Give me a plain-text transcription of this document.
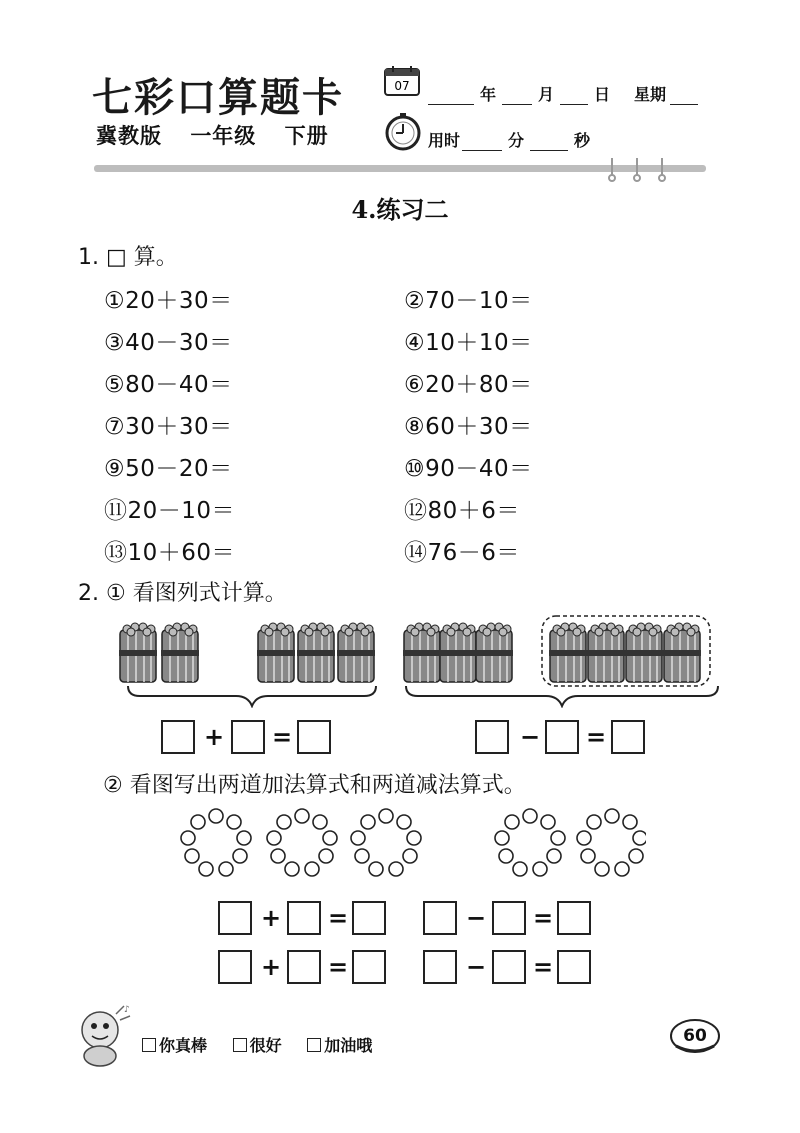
七彩口算题卡
冀教版 一年级 下册
07	年	月	日 星期
用时	分	秒
4.练习二
1. □ 算。
①20＋30＝	②70－10＝
③40－30＝	④10＋10＝
⑤80－40＝	⑥20＋80＝
⑦30＋30＝	⑧60＋30＝
⑨50－20＝	⑩90－40＝
⑪20－10＝	⑫80＋6＝
⑬10＋60＝	⑭76－6＝
2. ① 看图列式计算。
+ =	− =
② 看图写出两道加法算式和两道减法算式。
+ =	− =
+ =	− =
♪
你真棒	很好	加油哦	60
